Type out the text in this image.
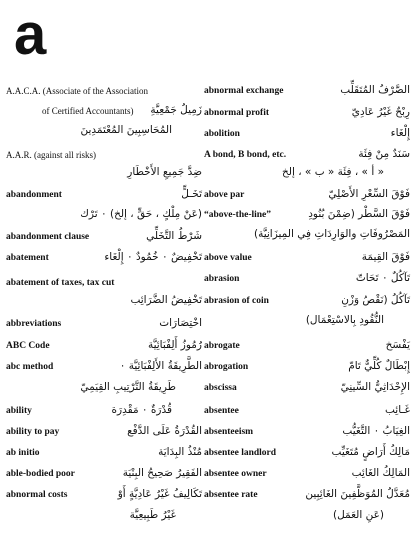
a
A.A.C.A. (Associate of the Association
of Certified Accountants) زَمِيلُ جَمْعِيَّةِ
المُحَاسِبِينَ المُعْتَمَدِينَ
A.A.R. (against all risks)
ضِدَّ جَمِيعِ الأَخْطَارِ
abandonment	تَخَـلٍّ
(عَنْ مِلْكٍ ، حَقٍّ ، إلخ) ٠ تَرْك
abandonment clause	شَرْطُ التَّخَلِّي
abatement	تَخْفِيضٌ ٠ خُمُودٌ ٠ إِلْغَاء
abatement of taxes, tax cut
تَخْفِيضُ الضَّرَائِب
abbreviations	اخْتِصَارَات
ABC Code	رُمُوزُ أَلِفْبَائِيَّة
abc method	الطَّرِيقَةُ الأَلِفْبَائِيَّة ٠
طَرِيقَةُ التَّرْتِيبِ القِيَمِيّ
ability	قُدْرَةٌ ٠ مَقْدِرَة
ability to pay	القُدْرَةُ عَلَى الدَّفْع
ab initio	مُنْذُ البِدَايَة
able-bodied poor	الفَقِيرُ صَحِيحُ البِنْيَة
abnormal costs	تَكَالِيفُ غَيْرُ عَادِيَّةٍ أَوْ
غَيْرُ طَبِيعِيَّة
abnormal exchange	الصَّرْفُ المُتَقَلِّب
abnormal profit	رِبْحٌ غَيْرُ عَادِيّ
abolition	إِلْغَاء
A bond, B bond, etc.	سَنَدٌ مِنْ فِئَة
« أ » ، فِئَة « ب » ، إلخ
above par	فَوْقَ السِّعْرِ الأَصْلِيّ
“above-the-line”	فَوْقَ السَّطْر (ضِمْنَ بُنُودِ
المَصْرُوفَاتِ والوَارِدَاتِ فِي المِيزَانِيَّة)
above value	فَوْقَ القِيمَة
abrasion	تَآكُلٌ ٠ تَحَاتّ
abrasion of coin	تَآكُلُ (نَقْصُ وَزْنِ
النُّقُودِ بِالاسْتِعْمَال)
abrogate	يَفْسَخ
abrogation	إِبْطَالٌ كُلِّيٌّ تَامّ
abscissa	الإِحْدَاثِيُّ السِّينِيّ
absentee	غَـائِب
absenteeism	الغِيَابُ ٠ التَّغَيُّب
absentee landlord	مَالِكُ أَرَاضٍ مُتَغَيِّب
absentee owner	المَالِكُ الغَائِب
absentee rate	مُعَدَّلُ المُوَظَّفِينَ الغَائِبِين
(عَنِ العَمَل)
